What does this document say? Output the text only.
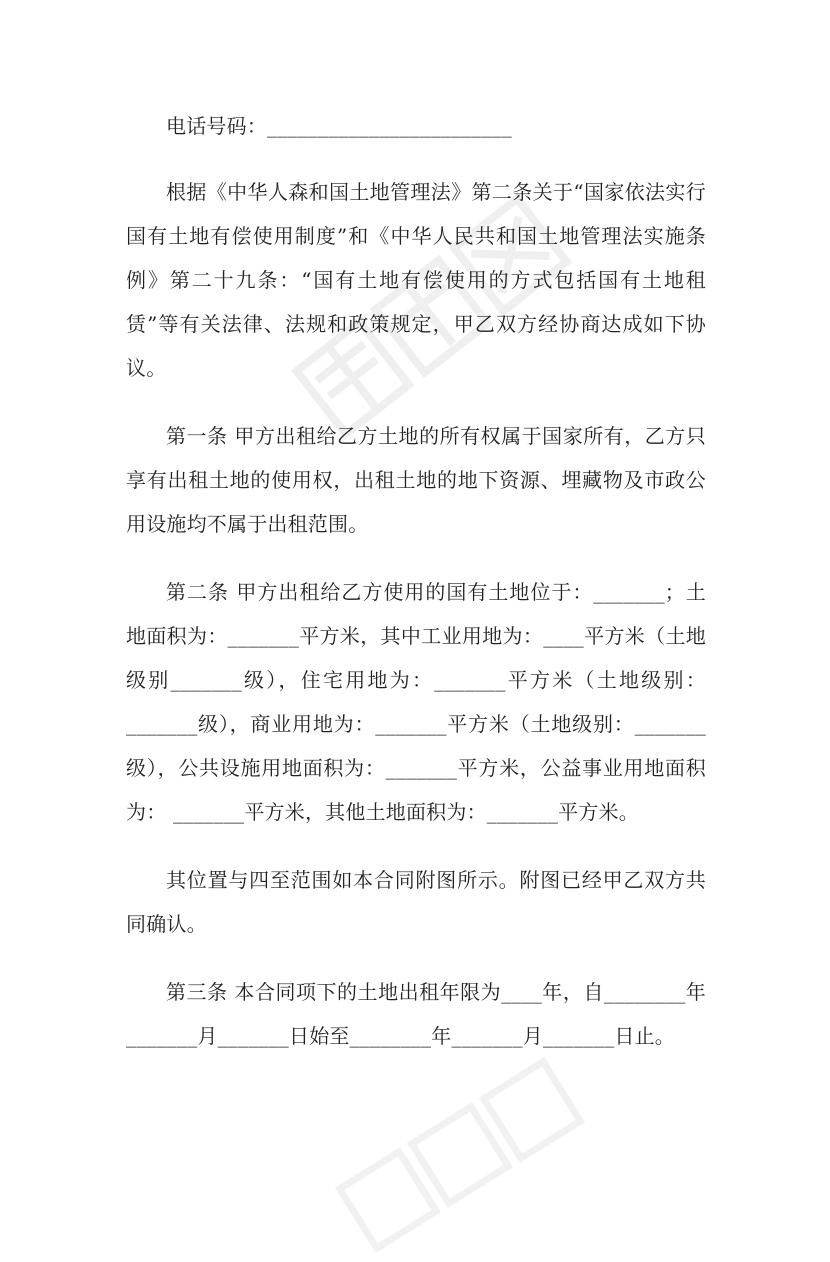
电话号码：________________________

根据《中华人森和国土地管理法》第二条关于“国家依法实行国有土地有偿使用制度”和《中华人民共和国土地管理法实施条例》第二十九条：“国有土地有偿使用的方式包括国有土地租赁”等有关法律、法规和政策规定，甲乙双方经协商达成如下协议。

第一条 甲方出租给乙方土地的所有权属于国家所有，乙方只享有出租土地的使用权，出租土地的地下资源、埋藏物及市政公用设施均不属于出租范围。

第二条 甲方出租给乙方使用的国有土地位于：_______；土地面积为：_______平方米，其中工业用地为：____平方米（土地级别_______级），住宅用地为：_______平方米（土地级别：_______级），商业用地为：_______平方米（土地级别：_______级），公共设施用地面积为：_______平方米，公益事业用地面积为： _______平方米，其他土地面积为：_______平方米。

其位置与四至范围如本合同附图所示。附图已经甲乙双方共同确认。

第三条 本合同项下的土地出租年限为____年，自________年_______月_______日始至________年_______月_______日止。
